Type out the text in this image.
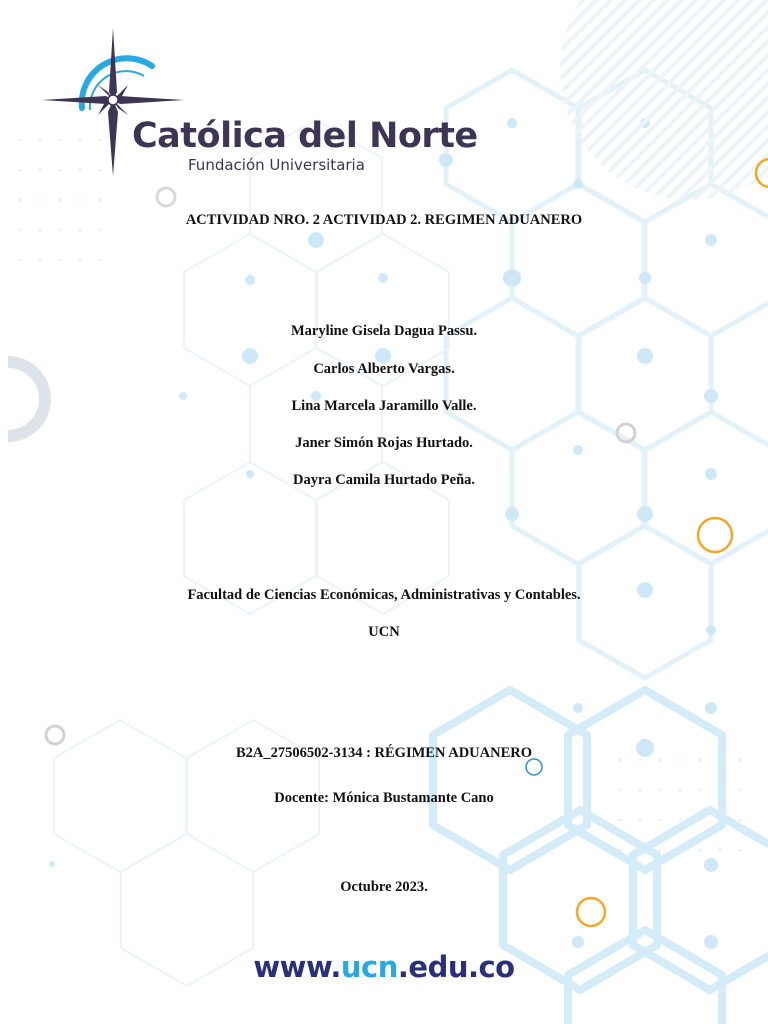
Católica del Norte
Fundación Universitaria
ACTIVIDAD NRO. 2 ACTIVIDAD 2. REGIMEN ADUANERO
Maryline Gisela Dagua Passu.
Carlos Alberto Vargas.
Lina Marcela Jaramillo Valle.
Janer Simón Rojas Hurtado.
Dayra Camila Hurtado Peña.
Facultad de Ciencias Económicas, Administrativas y Contables.
UCN
B2A_27506502-3134 : RÉGIMEN ADUANERO
Docente: Mónica Bustamante Cano
Octubre 2023.
www.ucn.edu.co
